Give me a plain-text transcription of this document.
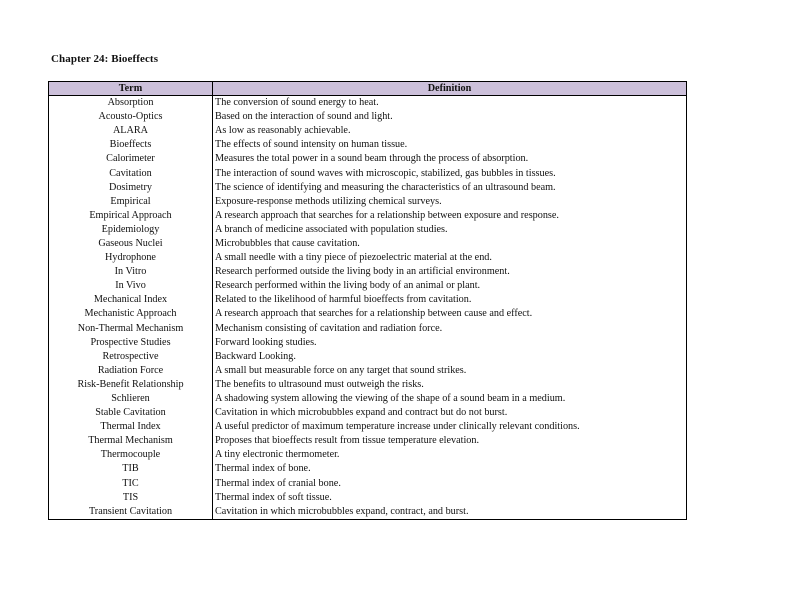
Chapter 24: Bioeffects
Term	Definition
Absorption	The conversion of sound energy to heat.
Acousto-Optics	Based on the interaction of sound and light.
ALARA	As low as reasonably achievable.
Bioeffects	The effects of sound intensity on human tissue.
Calorimeter	Measures the total power in a sound beam through the process of absorption.
Cavitation	The interaction of sound waves with microscopic, stabilized, gas bubbles in tissues.
Dosimetry	The science of identifying and measuring the characteristics of an ultrasound beam.
Empirical	Exposure-response methods utilizing chemical surveys.
Empirical Approach	A research approach that searches for a relationship between exposure and response.
Epidemiology	A branch of medicine associated with population studies.
Gaseous Nuclei	Microbubbles that cause cavitation.
Hydrophone	A small needle with a tiny piece of piezoelectric material at the end.
In Vitro	Research performed outside the living body in an artificial environment.
In Vivo	Research performed within the living body of an animal or plant.
Mechanical Index	Related to the likelihood of harmful bioeffects from cavitation.
Mechanistic Approach	A research approach that searches for a relationship between cause and effect.
Non-Thermal Mechanism	Mechanism consisting of cavitation and radiation force.
Prospective Studies	Forward looking studies.
Retrospective	Backward Looking.
Radiation Force	A small but measurable force on any target that sound strikes.
Risk-Benefit Relationship	The benefits to ultrasound must outweigh the risks.
Schlieren	A shadowing system allowing the viewing of the shape of a sound beam in a medium.
Stable Cavitation	Cavitation in which microbubbles expand and contract but do not burst.
Thermal Index	A useful predictor of maximum temperature increase under clinically relevant conditions.
Thermal Mechanism	Proposes that bioeffects result from tissue temperature elevation.
Thermocouple	A tiny electronic thermometer.
TIB	Thermal index of bone.
TIC	Thermal index of cranial bone.
TIS	Thermal index of soft tissue.
Transient Cavitation	Cavitation in which microbubbles expand, contract, and burst.
